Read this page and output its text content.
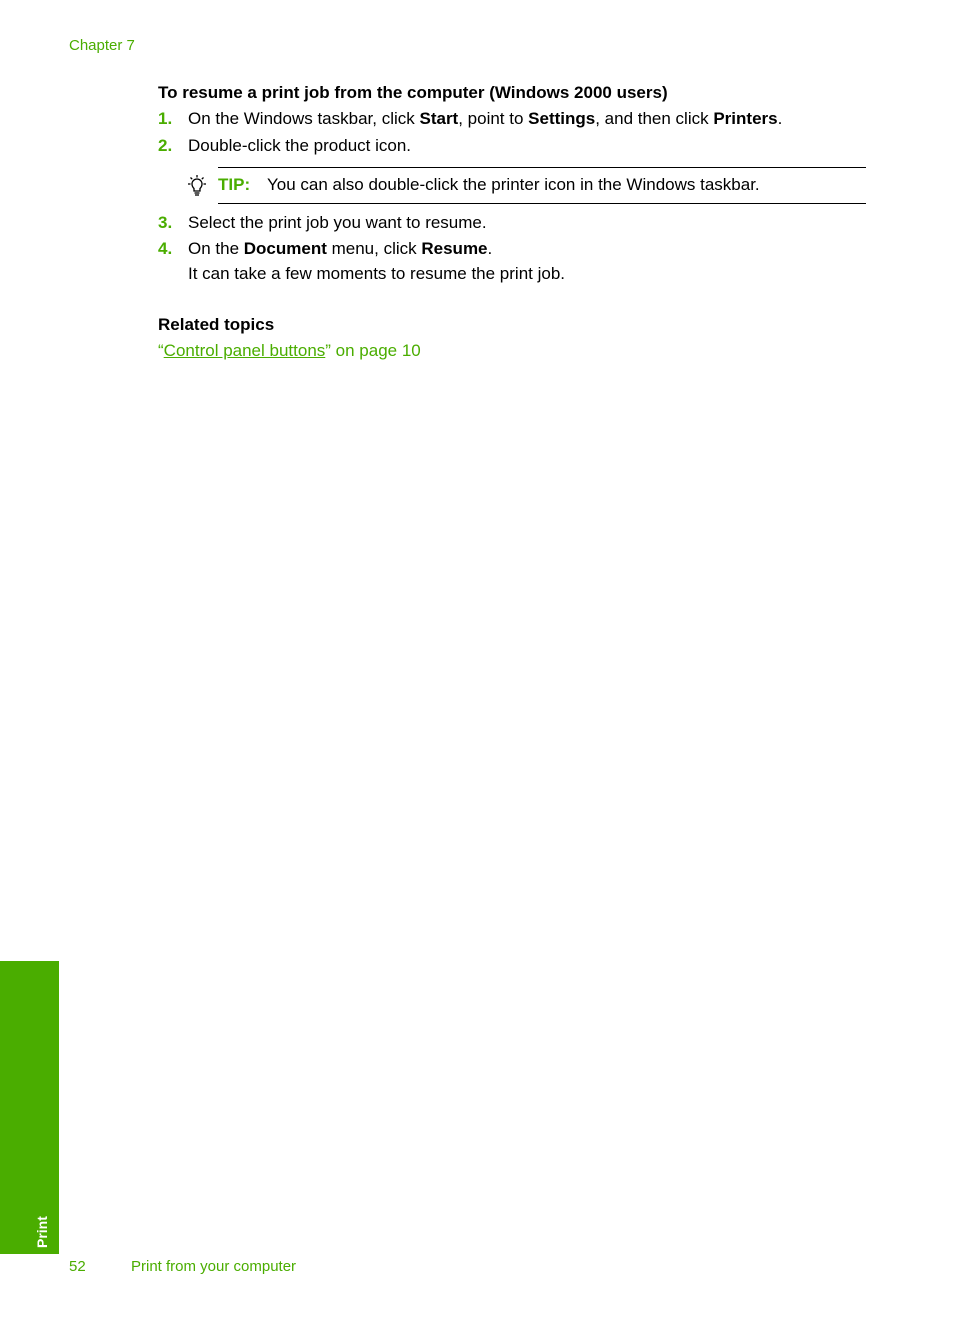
Chapter 7
To resume a print job from the computer (Windows 2000 users)
1. On the Windows taskbar, click Start, point to Settings, and then click Printers.
2. Double-click the product icon.
TIP: You can also double-click the printer icon in the Windows taskbar.
3. Select the print job you want to resume.
4. On the Document menu, click Resume.
It can take a few moments to resume the print job.
Related topics
“Control panel buttons” on page 10
Print
52	Print from your computer
